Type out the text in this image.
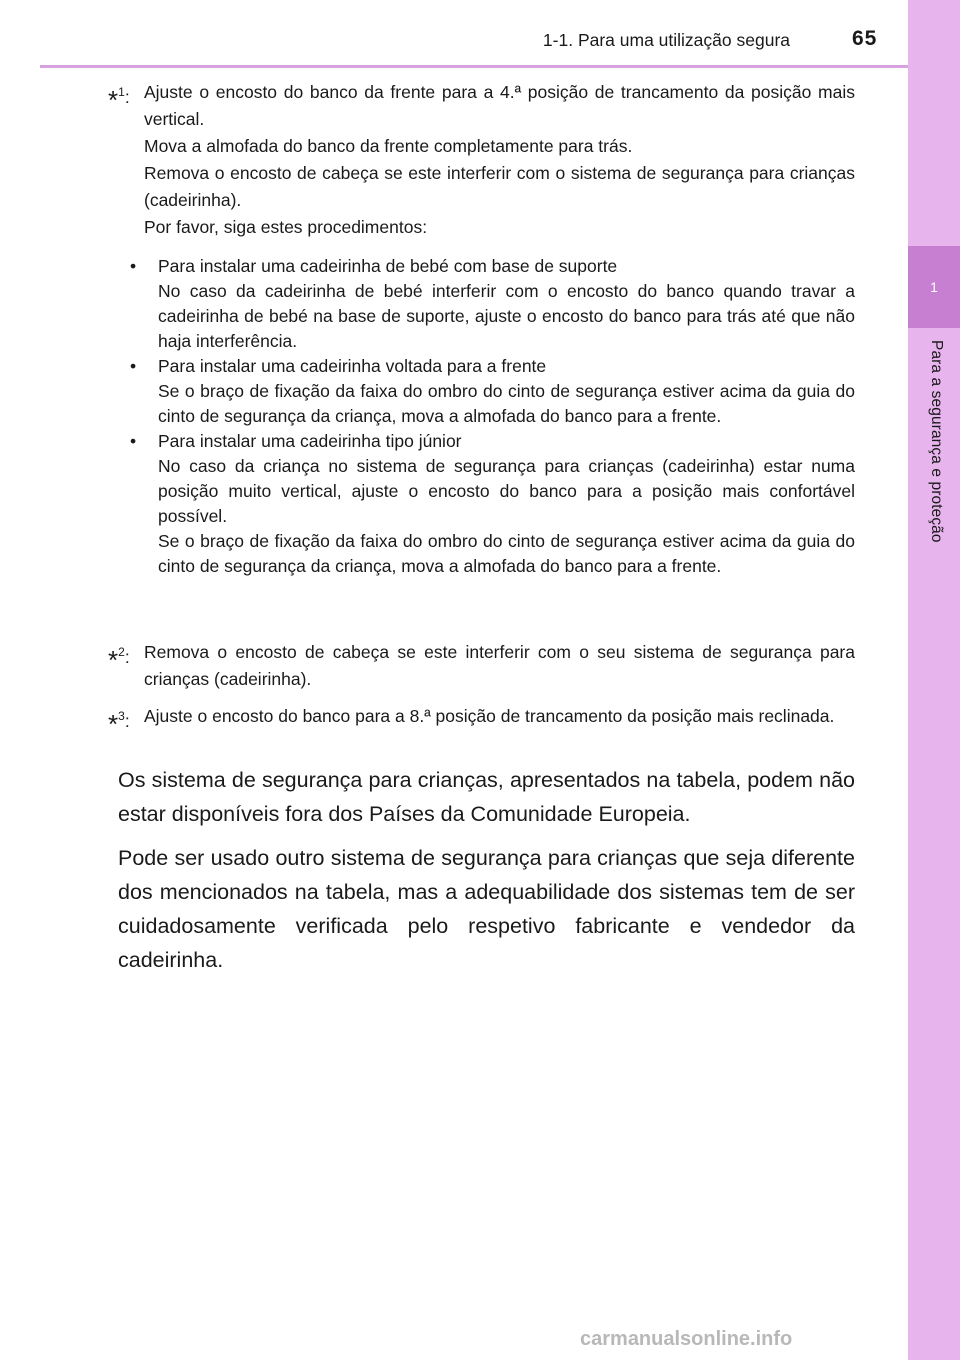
1
Para a segurança e proteção
1-1. Para uma utilização segura	65
*$^1$: Ajuste o encosto do banco da frente para a 4.ª posição de trancamento da posição mais vertical.
Mova a almofada do banco da frente completamente para trás.
Remova o encosto de cabeça se este interferir com o sistema de segurança para crianças (cadeirinha).
Por favor, siga estes procedimentos:
• Para instalar uma cadeirinha de bebé com base de suporte
No caso da cadeirinha de bebé interferir com o encosto do banco quando travar a cadeirinha de bebé na base de suporte, ajuste o encosto do banco para trás até que não haja interferência.
• Para instalar uma cadeirinha voltada para a frente
Se o braço de fixação da faixa do ombro do cinto de segurança estiver acima da guia do cinto de segurança da criança, mova a almofada do banco para a frente.
• Para instalar uma cadeirinha tipo júnior
No caso da criança no sistema de segurança para crianças (cadeirinha) estar numa posição muito vertical, ajuste o encosto do banco para a posição mais confortável possível.
Se o braço de fixação da faixa do ombro do cinto de segurança estiver acima da guia do cinto de segurança da criança, mova a almofada do banco para a frente.
*$^2$: Remova o encosto de cabeça se este interferir com o seu sistema de segurança para crianças (cadeirinha).
*$^3$: Ajuste o encosto do banco para a 8.ª posição de trancamento da posição mais reclinada.

Os sistema de segurança para crianças, apresentados na tabela, podem não estar disponíveis fora dos Países da Comunidade Europeia.

Pode ser usado outro sistema de segurança para crianças que seja diferente dos mencionados na tabela, mas a adequabilidade dos sistemas tem de ser cuidadosamente verificada pelo respetivo fabricante e vendedor da cadeirinha.

carmanualsonline.info
